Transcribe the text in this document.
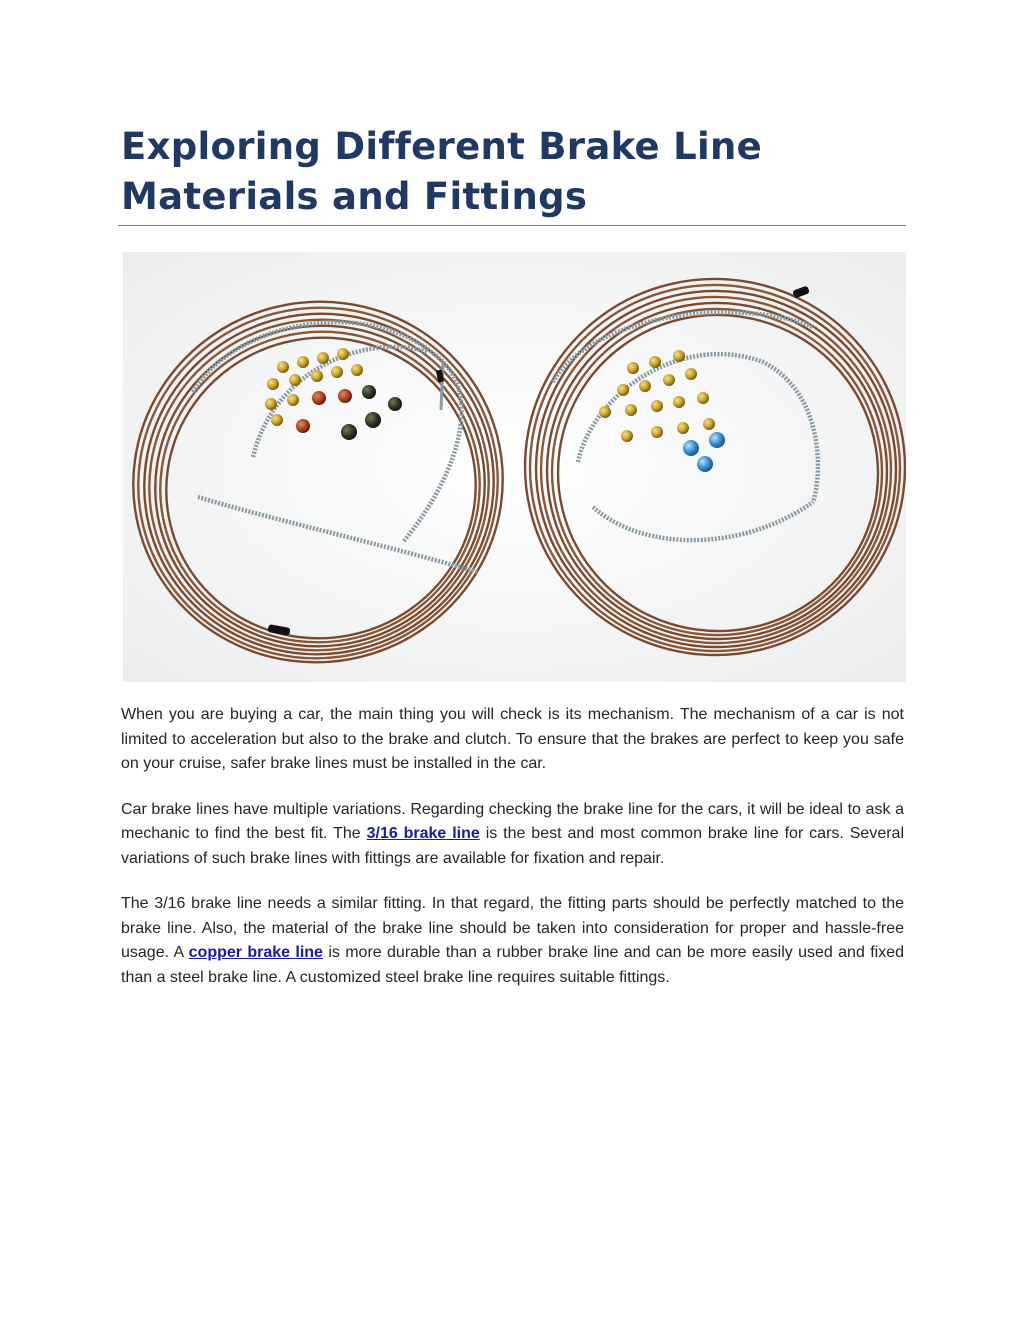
Exploring Different Brake Line
Materials and Fittings

When you are buying a car, the main thing you will check is its mechanism. The mechanism of a car is not limited to acceleration but also to the brake and clutch. To ensure that the brakes are perfect to keep you safe on your cruise, safer brake lines must be installed in the car.

Car brake lines have multiple variations. Regarding checking the brake line for the cars, it will be ideal to ask a mechanic to find the best fit. The 3/16 brake line is the best and most common brake line for cars. Several variations of such brake lines with fittings are available for fixation and repair.

The 3/16 brake line needs a similar fitting. In that regard, the fitting parts should be perfectly matched to the brake line. Also, the material of the brake line should be taken into consideration for proper and hassle-free usage. A copper brake line is more durable than a rubber brake line and can be more easily used and fixed than a steel brake line. A customized steel brake line requires suitable fittings.
